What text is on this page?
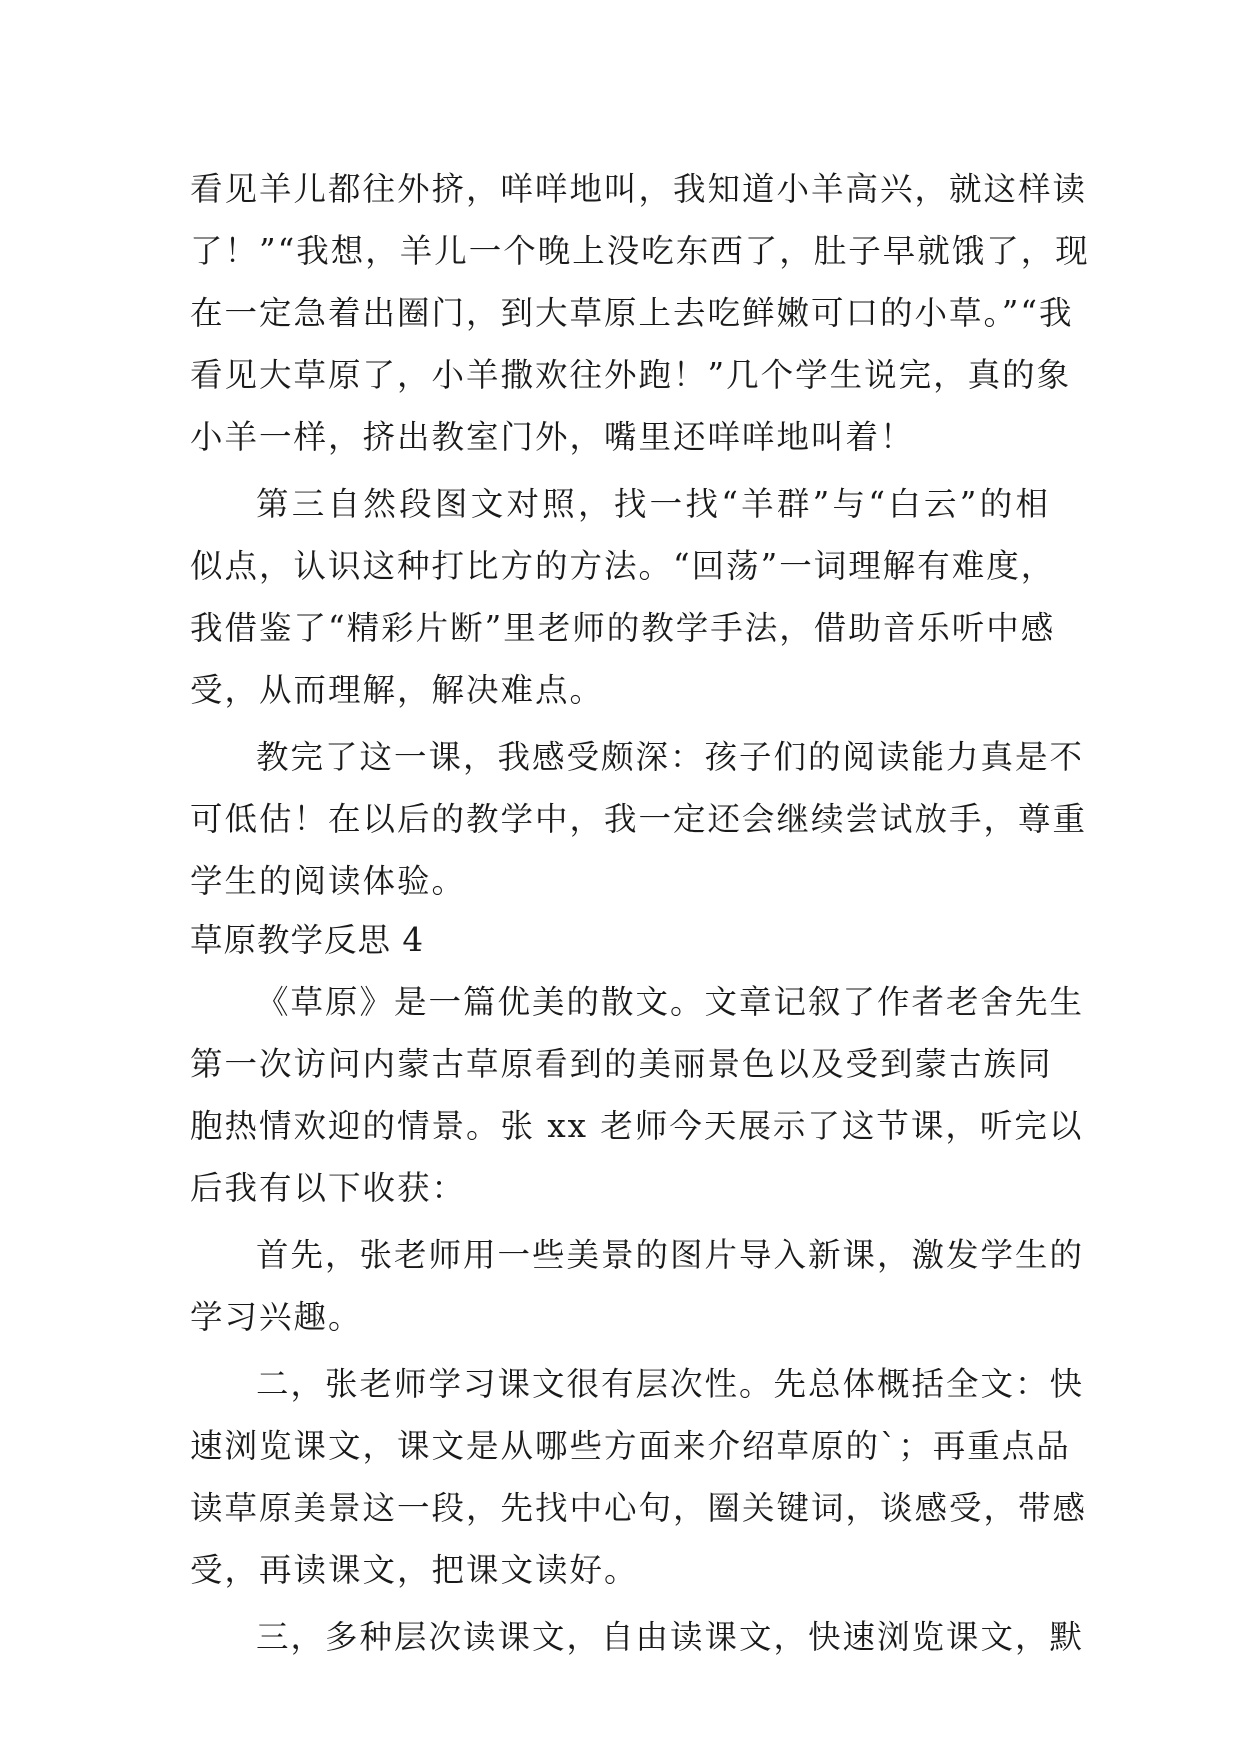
看见羊儿都往外挤，咩咩地叫，我知道小羊高兴，就这样读
了！”“我想，羊儿一个晚上没吃东西了，肚子早就饿了，现
在一定急着出圈门，到大草原上去吃鲜嫩可口的小草。”“我
看见大草原了，小羊撒欢往外跑！”几个学生说完，真的象
小羊一样，挤出教室门外，嘴里还咩咩地叫着！
第三自然段图文对照，找一找“羊群”与“白云”的相
似点，认识这种打比方的方法。“回荡”一词理解有难度，
我借鉴了“精彩片断”里老师的教学手法，借助音乐听中感
受，从而理解，解决难点。
教完了这一课，我感受颇深：孩子们的阅读能力真是不
可低估！在以后的教学中，我一定还会继续尝试放手，尊重
学生的阅读体验。
草原教学反思 4
《草原》是一篇优美的散文。文章记叙了作者老舍先生
第一次访问内蒙古草原看到的美丽景色以及受到蒙古族同
胞热情欢迎的情景。张 xx 老师今天展示了这节课，听完以
后我有以下收获：
首先，张老师用一些美景的图片导入新课，激发学生的
学习兴趣。
二，张老师学习课文很有层次性。先总体概括全文：快
速浏览课文，课文是从哪些方面来介绍草原的`；再重点品
读草原美景这一段，先找中心句，圈关键词，谈感受，带感
受，再读课文，把课文读好。
三，多种层次读课文，自由读课文，快速浏览课文，默
